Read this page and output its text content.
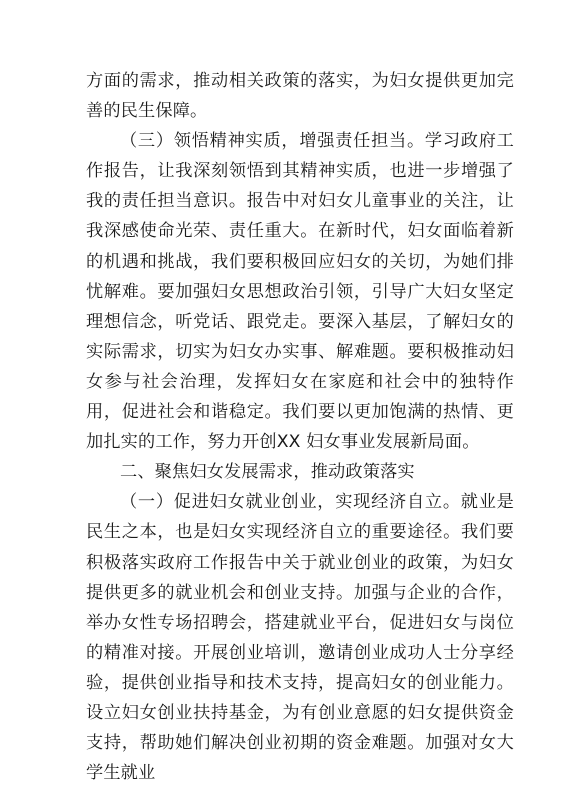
方面的需求，推动相关政策的落实，为妇女提供更加完善的民生保障。

（三）领悟精神实质，增强责任担当。学习政府工作报告，让我深刻领悟到其精神实质，也进一步增强了我的责任担当意识。报告中对妇女儿童事业的关注，让我深感使命光荣、责任重大。在新时代，妇女面临着新的机遇和挑战，我们要积极回应妇女的关切，为她们排忧解难。要加强妇女思想政治引领，引导广大妇女坚定理想信念，听党话、跟党走。要深入基层，了解妇女的实际需求，切实为妇女办实事、解难题。要积极推动妇女参与社会治理，发挥妇女在家庭和社会中的独特作用，促进社会和谐稳定。我们要以更加饱满的热情、更加扎实的工作，努力开创XX 妇女事业发展新局面。

二、聚焦妇女发展需求，推动政策落实

（一）促进妇女就业创业，实现经济自立。就业是民生之本，也是妇女实现经济自立的重要途径。我们要积极落实政府工作报告中关于就业创业的政策，为妇女提供更多的就业机会和创业支持。加强与企业的合作，举办女性专场招聘会，搭建就业平台，促进妇女与岗位的精准对接。开展创业培训，邀请创业成功人士分享经验，提供创业指导和技术支持，提高妇女的创业能力。设立妇女创业扶持基金，为有创业意愿的妇女提供资金支持，帮助她们解决创业初期的资金难题。加强对女大学生就业
